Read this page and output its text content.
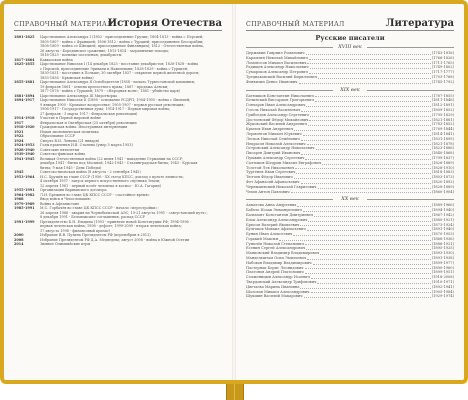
СПРАВОЧНЫЙ МАТЕРИАЛ
История Отечества
1801-1825	Царствование Александра I (1802 - присоединение Грузии; 1804-1813 - война с Персией;
1805-1807 - война с Францией; 1806-1812 - война с Турцией; присоединение Бессарабии;
1808-1809 - война со Швецией, присоединение Финляндии); 1812 - Отечественная война,
26 августа - Бородинское сражение; 1813-1814 - заграничные походы;
1816-1825 - военные поселения, декабристы
1817-1864	Кавказская война
1825-1855	Царствование Николая I (14 декабря 1825 - восстание декабристов; 1826-1828 - война
с Персией, присоединение Эривани и Нахичевани; 1828-1829 - война с Турцией;
1830-1831 - восстание в Польше; 30 октября 1837 - открытие первой железной дороги;
1853-1856 - Крымская война)
1855-1881	Царствование Александра II Освободителя (1858 - начало Туркестанской кампании;
19 февраля 1861 - отмена крепостного права; 1867 - продажа Аляски;
1877-1878 - война с Турцией; 1879 - «Народная воля»; 1881 - убийство царя)
1881-1894	Царствование Александра III Миротворца
1894-1917	Царствование Николая II (1898 - основание РСДРП; 1904-1905 - война с Японией;
9 января 1905 - Кровавое воскресенье; 1905-1907 - первая русская революция;
1906-1917 - Государственная дума; 1914-1917 - Первая мировая война;
27 февраля - 3 марта 1917 - Февральская революция)
1914-1918	Участие в Первой мировой войне
1917	Февральская и Октябрьская (25 октября) революции
1918-1920	Гражданская война. Иностранная интервенция
1921	Новая экономическая политика
1922	Образование СССР
1924	Смерть В.И. Ленина (21 января)
1924-1953	Годы правления И.В. Сталина (умер 5 марта 1953)
1928-1940	Советские пятилетки
1939-1940	Советско-финская война
1941-1945	Великая Отечественная война (22 июня 1941 - нападение Германии на СССР;
декабрь 1941 - битва под Москвой; 1942-1943 - Сталинградская битва; 1943 - Курская
битва; 9 мая 1945 - День Победы)
1945	Советско-японская война (8 августа - 2 сентября 1945)
1953-1964	Н.С. Хрущёв во главе СССР (1956 - XX съезд КПСС, доклад о культе личности;
4 октября 1957 - запуск первого искусственного спутника Земли;
12 апреля 1961 - первый полёт человека в космос - Ю.А. Гагарин)
1955-1991	Организация Варшавского договора
1964-1982	Л.И. Брежнев во главе ЦК КПСС СССР - «застойное время»
1968	Ввод войск в Чехословакию
1979-1989	Война в Афганистане
1985-1991	М.С. Горбачёв во главе ЦК КПСС СССР - начало «перестройки»;
26 апреля 1986 - авария на Чернобыльской АЭС; 19-21 августа 1991 - «августовский путч»;
8 декабря 1991 - Беловежские соглашения, распад СССР
1991-1999	Президентство Б.Н. Ельцина (1993 - принятие новой Конституции РФ; 1994-1996 -
первая чеченская война; 1998 - дефолт; 1999-2009 - вторая чеченская война;
17 августа 1998 - финансовый кризис)
2000	Избрание В.В. Путина Президентом РФ (переизбран в 2012)
2008	Избрание Президентом РФ Д.А. Медведева; август 2008 - война в Южной Осетии
2014	Зимние Олимпийские игры
СПРАВОЧНЫЙ МАТЕРИАЛ	Литература
Русские писатели
XVIII век
Державин Гавриил Романович	(1743-1816)
Карамзин Николай Михайлович	(1766-1826)
Ломоносов Михаил Васильевич	(1711-1765)
Радищев Александр Николаевич	(1749-1802)
Сумароков Александр Петрович	(1717-1777)
Тредиаковский Василий Кириллович	(1703-1768)
Фонвизин Денис Иванович	(1745-1792)
XIX век
Батюшков Константин Николаевич	(1787-1855)
Белинский Виссарион Григорьевич	(1811-1848)
Гончаров Иван Александрович	(1812-1891)
Гоголь Николай Васильевич	(1809-1852)
Грибоедов Александр Сергеевич	(1795-1829)
Достоевский Фёдор Михайлович	(1821-1881)
Жуковский Василий Андреевич	(1783-1852)
Крылов Иван Андреевич	(1769-1844)
Лермонтов Михаил Юрьевич	(1814-1841)
Лесков Николай Семёнович	(1831-1895)
Некрасов Николай Алексеевич	(1821-1878)
Островский Александр Николаевич	(1823-1886)
Писарев Дмитрий Иванович	(1840-1868)
Пушкин Александр Сергеевич	(1799-1837)
Салтыков-Щедрин Михаил Евграфович	(1826-1889)
Толстой Лев Николаевич	(1828-1910)
Тургенев Иван Сергеевич	(1818-1883)
Тютчев Фёдор Иванович	(1803-1873)
Фет Афанасий Афанасьевич	(1820-1892)
Чернышевский Николай Гаврилович	(1828-1889)
Чехов Антон Павлович	(1860-1904)
XX век
Ахматова Анна Андреевна	(1889-1966)
Бабель Исаак Эммануилович	(1894-1940)
Бальмонт Константин Дмитриевич	(1867-1942)
Блок Александр Александрович	(1880-1921)
Брюсов Валерий Яковлевич	(1873-1924)
Булгаков Михаил Афанасьевич	(1891-1940)
Бунин Иван Алексеевич	(1870-1953)
Горький Максим	(1868-1936)
Гумилёв Николай Степанович	(1886-1921)
Есенин Сергей Александрович	(1895-1925)
Маяковский Владимир Владимирович	(1893-1930)
Мандельштам Осип Эмильевич	(1891-1938)
Набоков Владимир Владимирович	(1899-1977)
Пастернак Борис Леонидович	(1890-1960)
Платонов Андрей Платонович	(1899-1951)
Солженицын Александр Исаевич	(1918-2008)
Твардовский Александр Трифонович	(1910-1971)
Цветаева Марина Ивановна	(1892-1941)
Шолохов Михаил Александрович	(1905-1984)
Шукшин Василий Макарович	(1929-1974)
